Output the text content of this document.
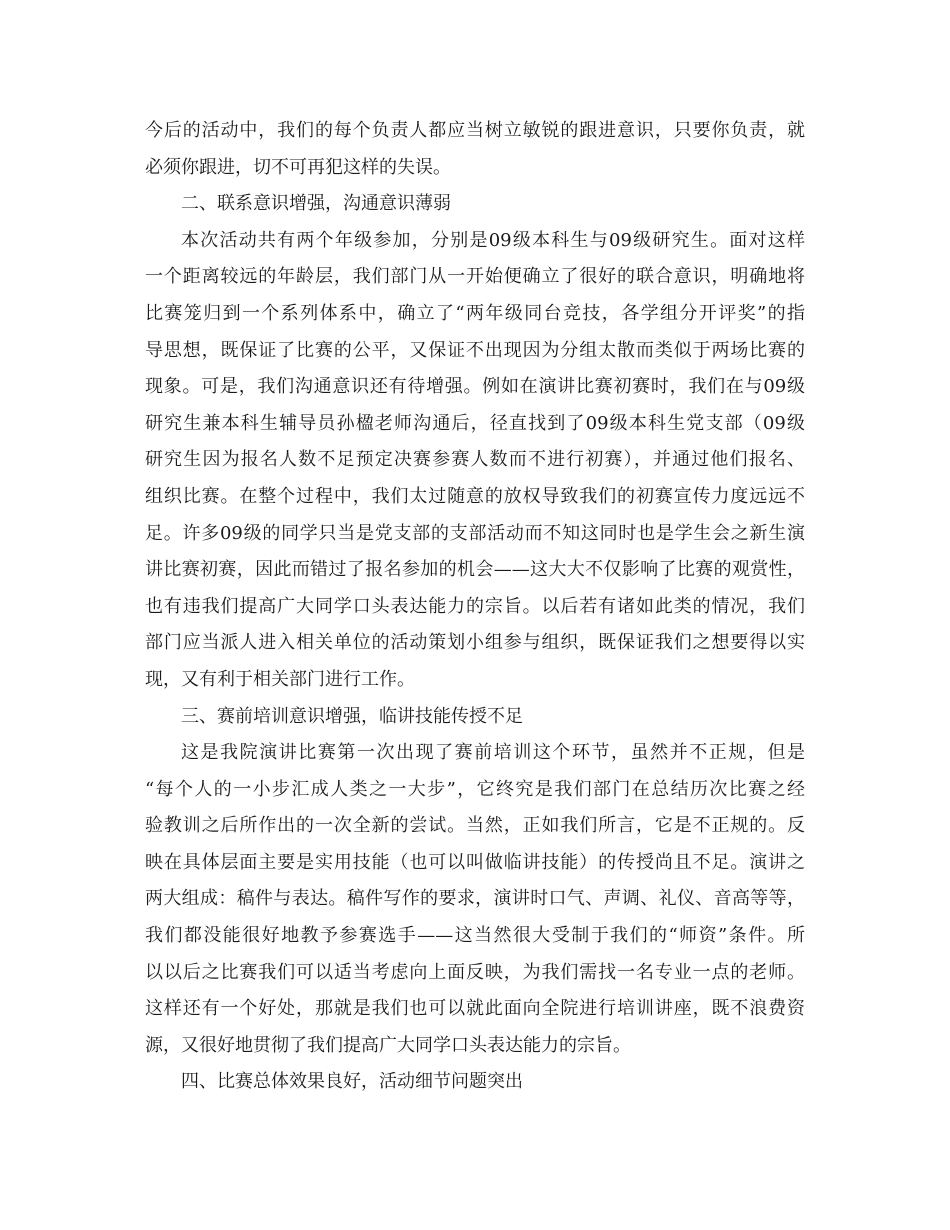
今后的活动中，我们的每个负责人都应当树立敏锐的跟进意识，只要你负责，就
必须你跟进，切不可再犯这样的失误。
二、联系意识增强，沟通意识薄弱
本次活动共有两个年级参加，分别是09级本科生与09级研究生。面对这样
一个距离较远的年龄层，我们部门从一开始便确立了很好的联合意识，明确地将
比赛笼归到一个系列体系中，确立了“两年级同台竞技，各学组分开评奖”的指
导思想，既保证了比赛的公平，又保证不出现因为分组太散而类似于两场比赛的
现象。可是，我们沟通意识还有待增强。例如在演讲比赛初赛时，我们在与09级
研究生兼本科生辅导员孙楹老师沟通后，径直找到了09级本科生党支部（09级
研究生因为报名人数不足预定决赛参赛人数而不进行初赛），并通过他们报名、
组织比赛。在整个过程中，我们太过随意的放权导致我们的初赛宣传力度远远不
足。许多09级的同学只当是党支部的支部活动而不知这同时也是学生会之新生演
讲比赛初赛，因此而错过了报名参加的机会——这大大不仅影响了比赛的观赏性，
也有违我们提高广大同学口头表达能力的宗旨。以后若有诸如此类的情况，我们
部门应当派人进入相关单位的活动策划小组参与组织，既保证我们之想要得以实
现，又有利于相关部门进行工作。
三、赛前培训意识增强，临讲技能传授不足
这是我院演讲比赛第一次出现了赛前培训这个环节，虽然并不正规，但是
“每个人的一小步汇成人类之一大步”，它终究是我们部门在总结历次比赛之经
验教训之后所作出的一次全新的尝试。当然，正如我们所言，它是不正规的。反
映在具体层面主要是实用技能（也可以叫做临讲技能）的传授尚且不足。演讲之
两大组成：稿件与表达。稿件写作的要求，演讲时口气、声调、礼仪、音高等等，
我们都没能很好地教予参赛选手——这当然很大受制于我们的“师资”条件。所
以以后之比赛我们可以适当考虑向上面反映，为我们需找一名专业一点的老师。
这样还有一个好处，那就是我们也可以就此面向全院进行培训讲座，既不浪费资
源，又很好地贯彻了我们提高广大同学口头表达能力的宗旨。
四、比赛总体效果良好，活动细节问题突出
